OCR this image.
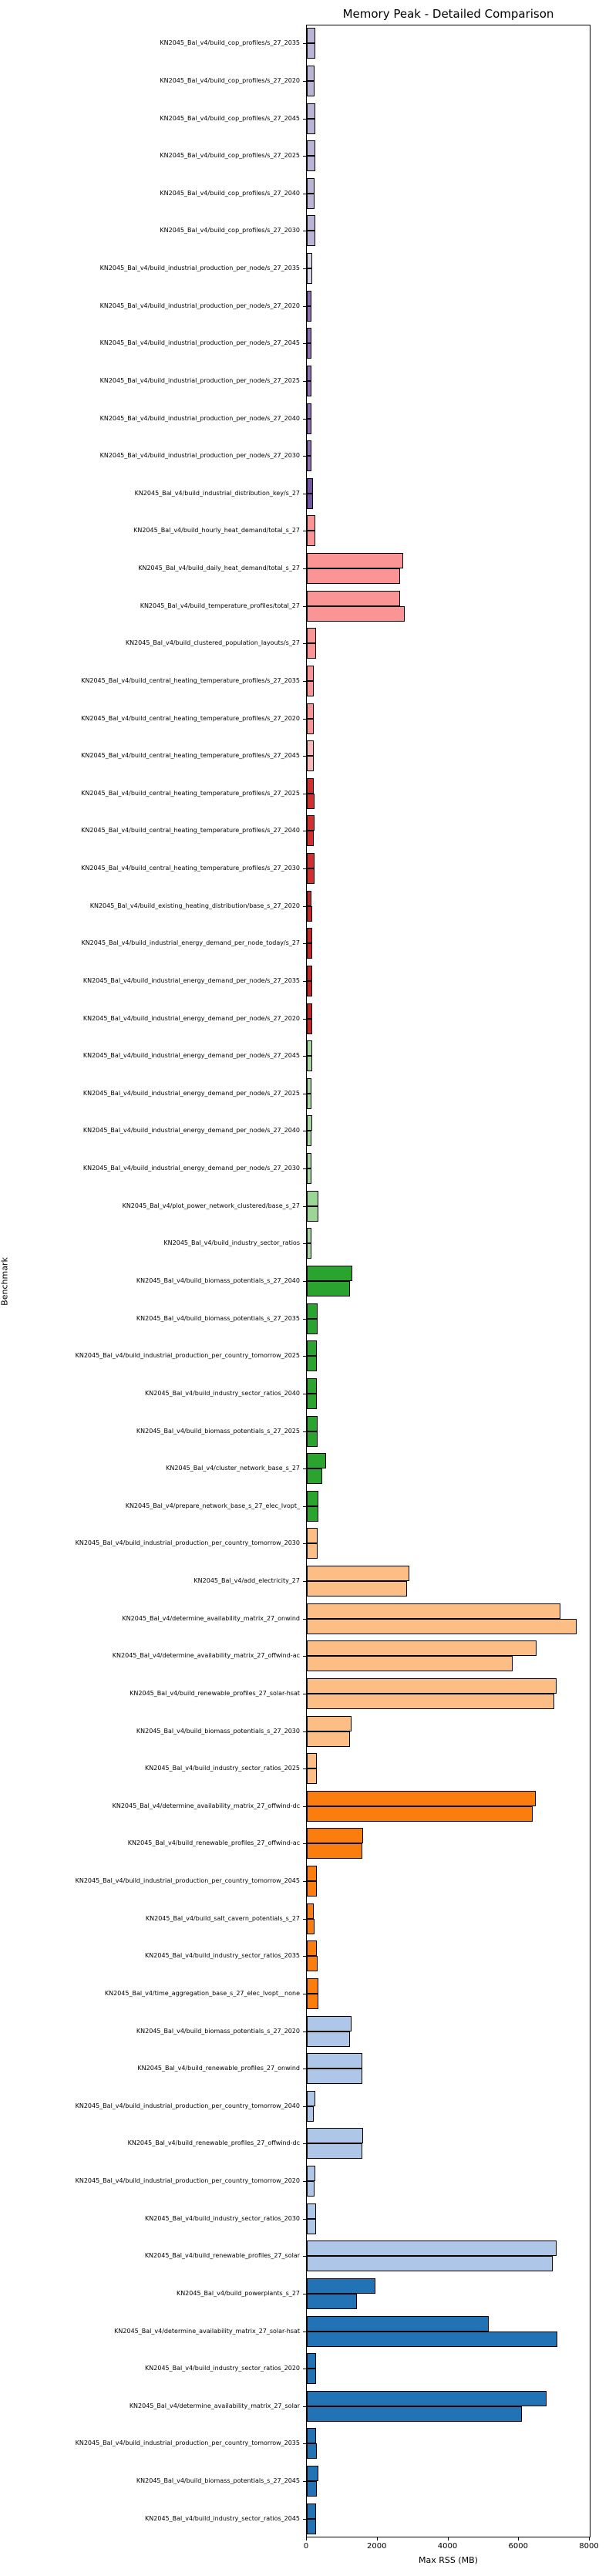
Memory Peak - Detailed Comparison
KN2045_Bal_v4/build_cop_profiles/s_27_2035
KN2045_Bal_v4/build_cop_profiles/s_27_2020
KN2045_Bal_v4/build_cop_profiles/s_27_2045
KN2045_Bal_v4/build_cop_profiles/s_27_2025
KN2045_Bal_v4/build_cop_profiles/s_27_2040
KN2045_Bal_v4/build_cop_profiles/s_27_2030
KN2045_Bal_v4/build_industrial_production_per_node/s_27_2035
KN2045_Bal_v4/build_industrial_production_per_node/s_27_2020
KN2045_Bal_v4/build_industrial_production_per_node/s_27_2045
KN2045_Bal_v4/build_industrial_production_per_node/s_27_2025
KN2045_Bal_v4/build_industrial_production_per_node/s_27_2040
KN2045_Bal_v4/build_industrial_production_per_node/s_27_2030
KN2045_Bal_v4/build_industrial_distribution_key/s_27
KN2045_Bal_v4/build_hourly_heat_demand/total_s_27
KN2045_Bal_v4/build_daily_heat_demand/total_s_27
KN2045_Bal_v4/build_temperature_profiles/total_27
KN2045_Bal_v4/build_clustered_population_layouts/s_27
KN2045_Bal_v4/build_central_heating_temperature_profiles/s_27_2035
KN2045_Bal_v4/build_central_heating_temperature_profiles/s_27_2020
KN2045_Bal_v4/build_central_heating_temperature_profiles/s_27_2045
KN2045_Bal_v4/build_central_heating_temperature_profiles/s_27_2025
KN2045_Bal_v4/build_central_heating_temperature_profiles/s_27_2040
KN2045_Bal_v4/build_central_heating_temperature_profiles/s_27_2030
KN2045_Bal_v4/build_existing_heating_distribution/base_s_27_2020
KN2045_Bal_v4/build_industrial_energy_demand_per_node_today/s_27
KN2045_Bal_v4/build_industrial_energy_demand_per_node/s_27_2035
KN2045_Bal_v4/build_industrial_energy_demand_per_node/s_27_2020
KN2045_Bal_v4/build_industrial_energy_demand_per_node/s_27_2045
KN2045_Bal_v4/build_industrial_energy_demand_per_node/s_27_2025
KN2045_Bal_v4/build_industrial_energy_demand_per_node/s_27_2040
KN2045_Bal_v4/build_industrial_energy_demand_per_node/s_27_2030
KN2045_Bal_v4/plot_power_network_clustered/base_s_27
KN2045_Bal_v4/build_industry_sector_ratios
KN2045_Bal_v4/build_biomass_potentials_s_27_2040
KN2045_Bal_v4/build_biomass_potentials_s_27_2035
KN2045_Bal_v4/build_industrial_production_per_country_tomorrow_2025
KN2045_Bal_v4/build_industry_sector_ratios_2040
KN2045_Bal_v4/build_biomass_potentials_s_27_2025
KN2045_Bal_v4/cluster_network_base_s_27
KN2045_Bal_v4/prepare_network_base_s_27_elec_lvopt_
KN2045_Bal_v4/build_industrial_production_per_country_tomorrow_2030
KN2045_Bal_v4/add_electricity_27
KN2045_Bal_v4/determine_availability_matrix_27_onwind
KN2045_Bal_v4/determine_availability_matrix_27_offwind-ac
KN2045_Bal_v4/build_renewable_profiles_27_solar-hsat
KN2045_Bal_v4/build_biomass_potentials_s_27_2030
KN2045_Bal_v4/build_industry_sector_ratios_2025
KN2045_Bal_v4/determine_availability_matrix_27_offwind-dc
KN2045_Bal_v4/build_renewable_profiles_27_offwind-ac
KN2045_Bal_v4/build_industrial_production_per_country_tomorrow_2045
KN2045_Bal_v4/build_salt_cavern_potentials_s_27
KN2045_Bal_v4/build_industry_sector_ratios_2035
KN2045_Bal_v4/time_aggregation_base_s_27_elec_lvopt__none
KN2045_Bal_v4/build_biomass_potentials_s_27_2020
KN2045_Bal_v4/build_renewable_profiles_27_onwind
KN2045_Bal_v4/build_industrial_production_per_country_tomorrow_2040
KN2045_Bal_v4/build_renewable_profiles_27_offwind-dc
KN2045_Bal_v4/build_industrial_production_per_country_tomorrow_2020
KN2045_Bal_v4/build_industry_sector_ratios_2030
KN2045_Bal_v4/build_renewable_profiles_27_solar
KN2045_Bal_v4/build_powerplants_s_27
KN2045_Bal_v4/determine_availability_matrix_27_solar-hsat
KN2045_Bal_v4/build_industry_sector_ratios_2020
KN2045_Bal_v4/determine_availability_matrix_27_solar
KN2045_Bal_v4/build_industrial_production_per_country_tomorrow_2035
KN2045_Bal_v4/build_biomass_potentials_s_27_2045
KN2045_Bal_v4/build_industry_sector_ratios_2045
0	2000	4000	6000	8000
Max RSS (MB)
Benchmark
